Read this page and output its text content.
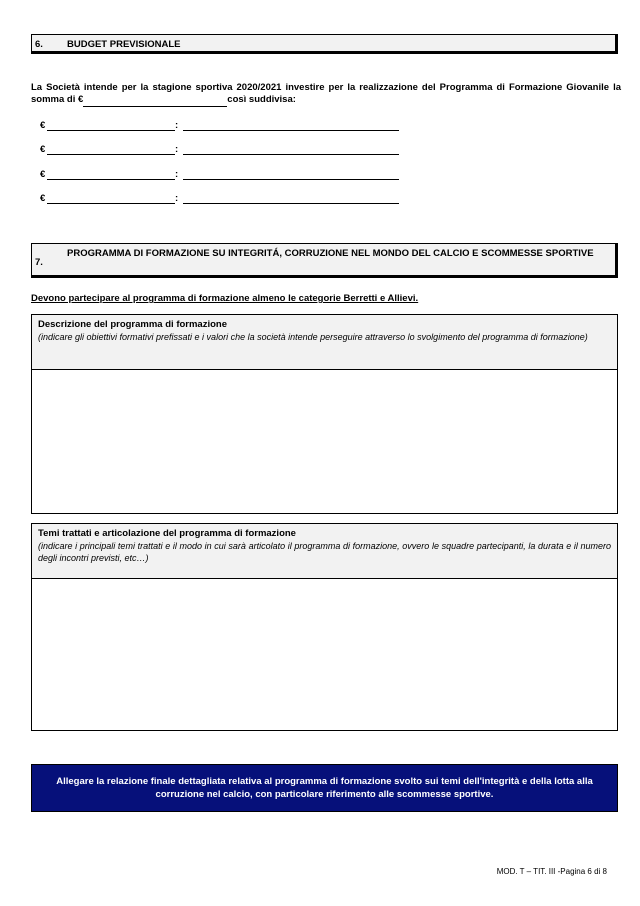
6.	BUDGET PREVISIONALE
La Società intende per la stagione sportiva 2020/2021 investire per la realizzazione del Programma di Formazione Giovanile la somma di €	così suddivisa:
€	:
€	:
€	:
€	:
7.
PROGRAMMA DI FORMAZIONE SU INTEGRITÁ, CORRUZIONE NEL MONDO DEL CALCIO E SCOMMESSE SPORTIVE
Devono partecipare al programma di formazione almeno le categorie Berretti e Allievi.
Descrizione del programma di formazione
(indicare gli obiettivi formativi prefissati e i valori che la società intende perseguire attraverso lo svolgimento del programma di formazione)
Temi trattati e articolazione del programma di formazione
(indicare i principali temi trattati e il modo in cui sarà articolato il programma di formazione, ovvero le squadre partecipanti, la durata e il numero degli incontri previsti, etc…)
Allegare la relazione finale dettagliata relativa al programma di formazione svolto sui temi dell'integrità e della lotta alla corruzione nel calcio, con particolare riferimento alle scommesse sportive.
MOD. T – TIT. III -Pagina 6 di 8
